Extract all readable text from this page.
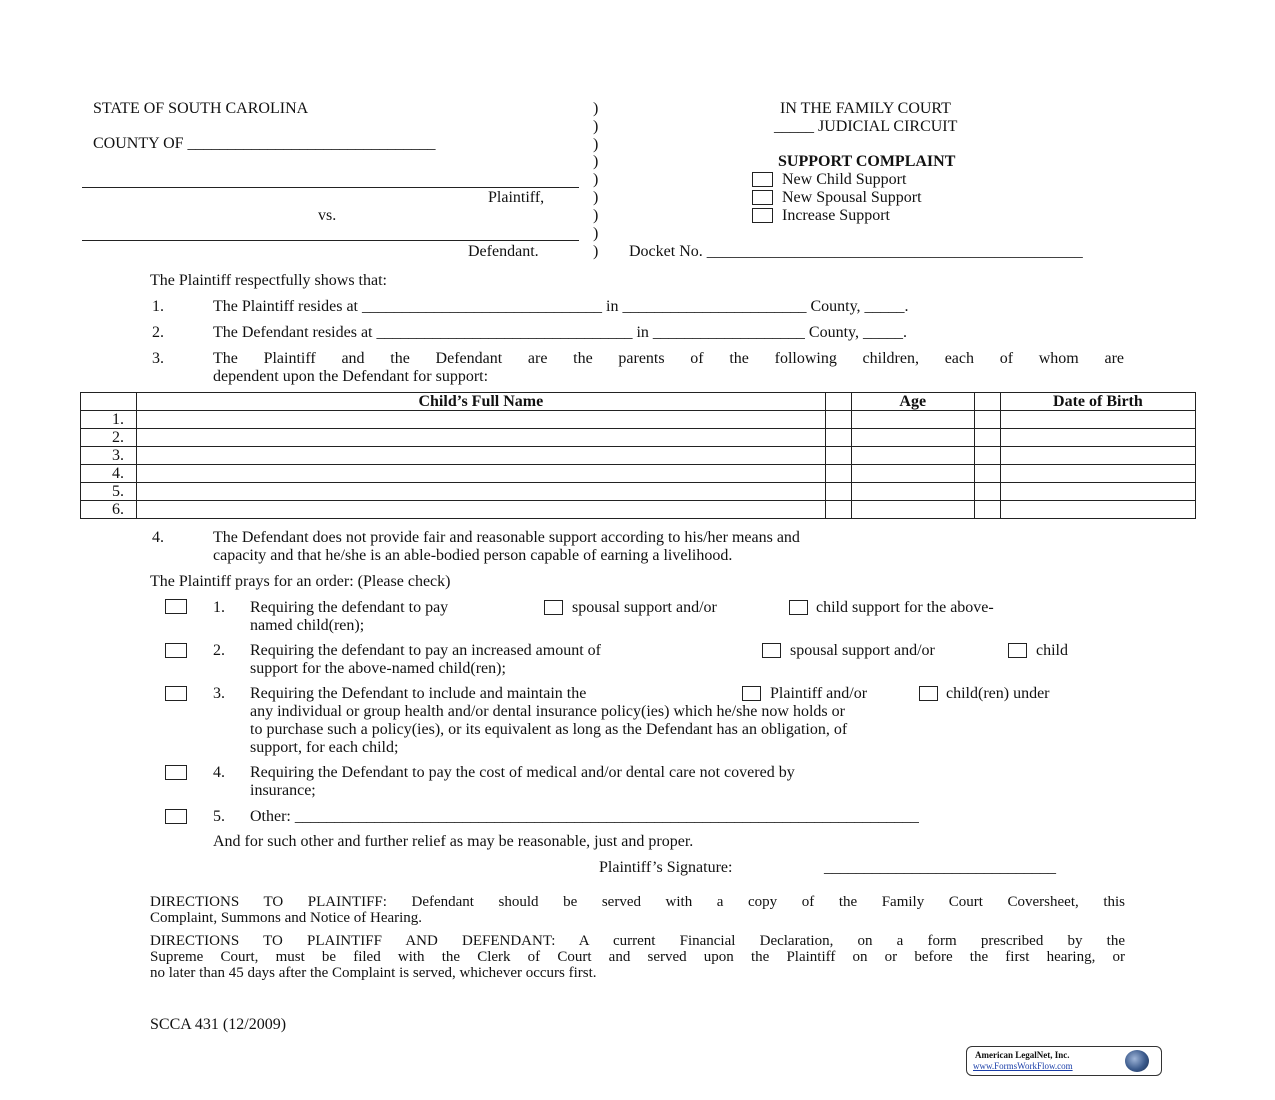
STATE OF SOUTH CAROLINA
COUNTY OF _______________________________
Plaintiff,
vs.
Defendant.
)
)
)
)
)
)
)
)
)
IN THE FAMILY COURT
_____ JUDICIAL CIRCUIT
SUPPORT COMPLAINT
New Child Support
New Spousal Support
Increase Support
Docket No. _______________________________________________
The Plaintiff respectfully shows that:
1.	The Plaintiff resides at ______________________________ in _______________________ County, _____.
2.	The Defendant resides at ________________________________ in ___________________ County, _____.
3.	The Plaintiff and the Defendant are the parents of the following children, each of whom are
dependent upon the Defendant for support:
	Child’s Full Name		Age		Date of Birth
1.					
2.					
3.					
4.					
5.					
6.					
4.	The Defendant does not provide fair and reasonable support according to his/her means and
capacity and that he/she is an able-bodied person capable of earning a livelihood.
The Plaintiff prays for an order: (Please check)
1. Requiring the defendant to pay	spousal support and/or	child support for the above-
named child(ren);
2. Requiring the defendant to pay an increased amount of	spousal support and/or	child
support for the above-named child(ren);
3. Requiring the Defendant to include and maintain the	Plaintiff and/or	child(ren) under
any individual or group health and/or dental insurance policy(ies) which he/she now holds or
to purchase such a policy(ies), or its equivalent as long as the Defendant has an obligation, of
support, for each child;
4. Requiring the Defendant to pay the cost of medical and/or dental care not covered by
insurance;
5. Other: ______________________________________________________________________________
And for such other and further relief as may be reasonable, just and proper.
Plaintiff’s Signature:	_____________________________
DIRECTIONS TO PLAINTIFF: Defendant should be served with a copy of the Family Court Coversheet, this
Complaint, Summons and Notice of Hearing.
DIRECTIONS TO PLAINTIFF AND DEFENDANT: A current Financial Declaration, on a form prescribed by the
Supreme Court, must be filed with the Clerk of Court and served upon the Plaintiff on or before the first hearing, or
no later than 45 days after the Complaint is served, whichever occurs first.
SCCA 431 (12/2009)
American LegalNet, Inc.
www.FormsWorkFlow.com
